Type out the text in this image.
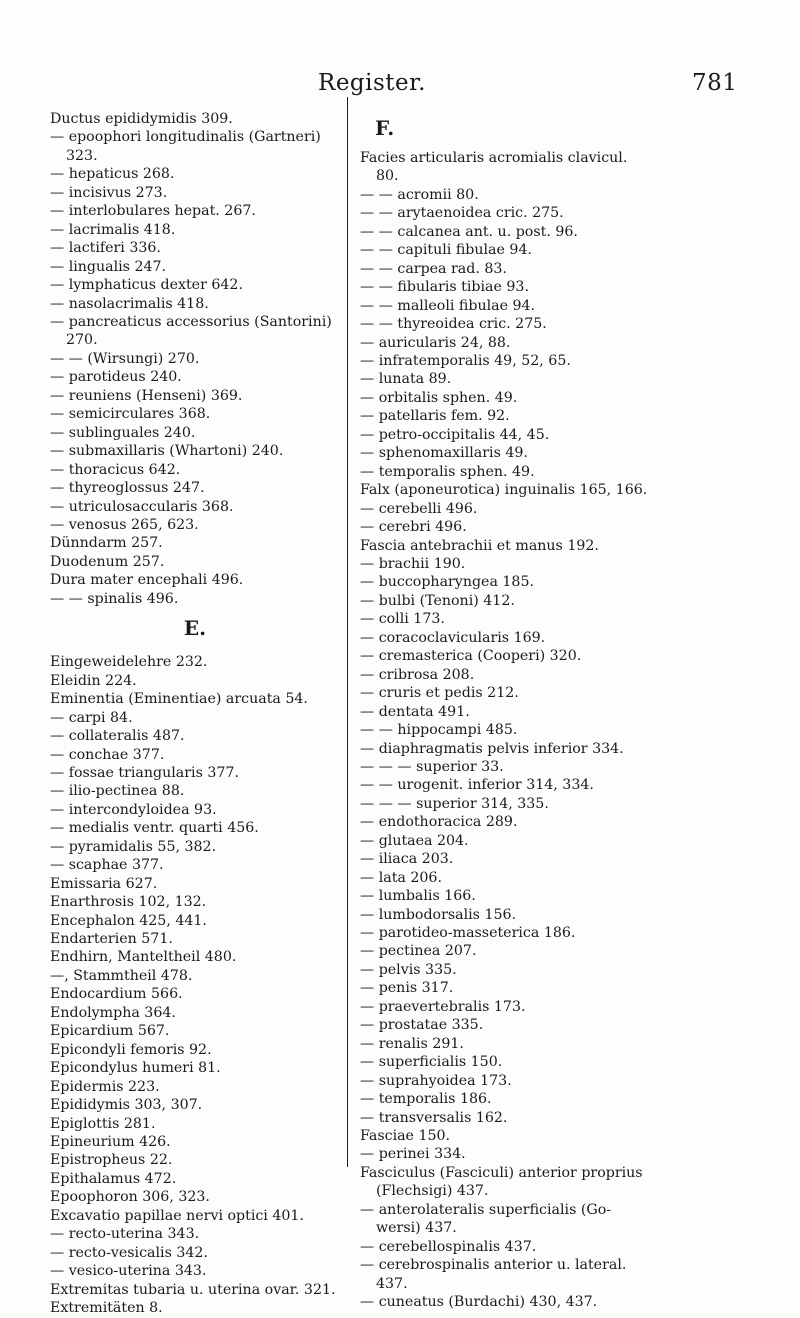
Register.	781
Ductus epididymidis 309.
— epoophori longitudinalis (Gartneri)
323.
— hepaticus 268.
— incisivus 273.
— interlobulares hepat. 267.
— lacrimalis 418.
— lactiferi 336.
— lingualis 247.
— lymphaticus dexter 642.
— nasolacrimalis 418.
— pancreaticus accessorius (Santorini)
270.
— — (Wirsungi) 270.
— parotideus 240.
— reuniens (Henseni) 369.
— semicirculares 368.
— sublinguales 240.
— submaxillaris (Whartoni) 240.
— thoracicus 642.
— thyreoglossus 247.
— utriculosaccularis 368.
— venosus 265, 623.
Dünndarm 257.
Duodenum 257.
Dura mater encephali 496.
— — spinalis 496.
E.
Eingeweidelehre 232.
Eleidin 224.
Eminentia (Eminentiae) arcuata 54.
— carpi 84.
— collateralis 487.
— conchae 377.
— fossae triangularis 377.
— ilio-pectinea 88.
— intercondyloidea 93.
— medialis ventr. quarti 456.
— pyramidalis 55, 382.
— scaphae 377.
Emissaria 627.
Enarthrosis 102, 132.
Encephalon 425, 441.
Endarterien 571.
Endhirn, Manteltheil 480.
—, Stammtheil 478.
Endocardium 566.
Endolympha 364.
Epicardium 567.
Epicondyli femoris 92.
Epicondylus humeri 81.
Epidermis 223.
Epididymis 303, 307.
Epiglottis 281.
Epineurium 426.
Epistropheus 22.
Epithalamus 472.
Epoophoron 306, 323.
Excavatio papillae nervi optici 401.
— recto-uterina 343.
— recto-vesicalis 342.
— vesico-uterina 343.
Extremitas tubaria u. uterina ovar. 321.
Extremitäten 8.
F.
Facies articularis acromialis clavicul.
80.
— — acromii 80.
— — arytaenoidea cric. 275.
— — calcanea ant. u. post. 96.
— — capituli fibulae 94.
— — carpea rad. 83.
— — fibularis tibiae 93.
— — malleoli fibulae 94.
— — thyreoidea cric. 275.
— auricularis 24, 88.
— infratemporalis 49, 52, 65.
— lunata 89.
— orbitalis sphen. 49.
— patellaris fem. 92.
— petro-occipitalis 44, 45.
— sphenomaxillaris 49.
— temporalis sphen. 49.
Falx (aponeurotica) inguinalis 165, 166.
— cerebelli 496.
— cerebri 496.
Fascia antebrachii et manus 192.
— brachii 190.
— buccopharyngea 185.
— bulbi (Tenoni) 412.
— colli 173.
— coracoclavicularis 169.
— cremasterica (Cooperi) 320.
— cribrosa 208.
— cruris et pedis 212.
— dentata 491.
— — hippocampi 485.
— diaphragmatis pelvis inferior 334.
— — — superior 33.
— — urogenit. inferior 314, 334.
— — — superior 314, 335.
— endothoracica 289.
— glutaea 204.
— iliaca 203.
— lata 206.
— lumbalis 166.
— lumbodorsalis 156.
— parotideo-masseterica 186.
— pectinea 207.
— pelvis 335.
— penis 317.
— praevertebralis 173.
— prostatae 335.
— renalis 291.
— superficialis 150.
— suprahyoidea 173.
— temporalis 186.
— transversalis 162.
Fasciae 150.
— perinei 334.
Fasciculus (Fasciculi) anterior proprius
(Flechsigi) 437.
— anterolateralis superficialis (Go-
wersi) 437.
— cerebellospinalis 437.
— cerebrospinalis anterior u. lateral.
437.
— cuneatus (Burdachi) 430, 437.
